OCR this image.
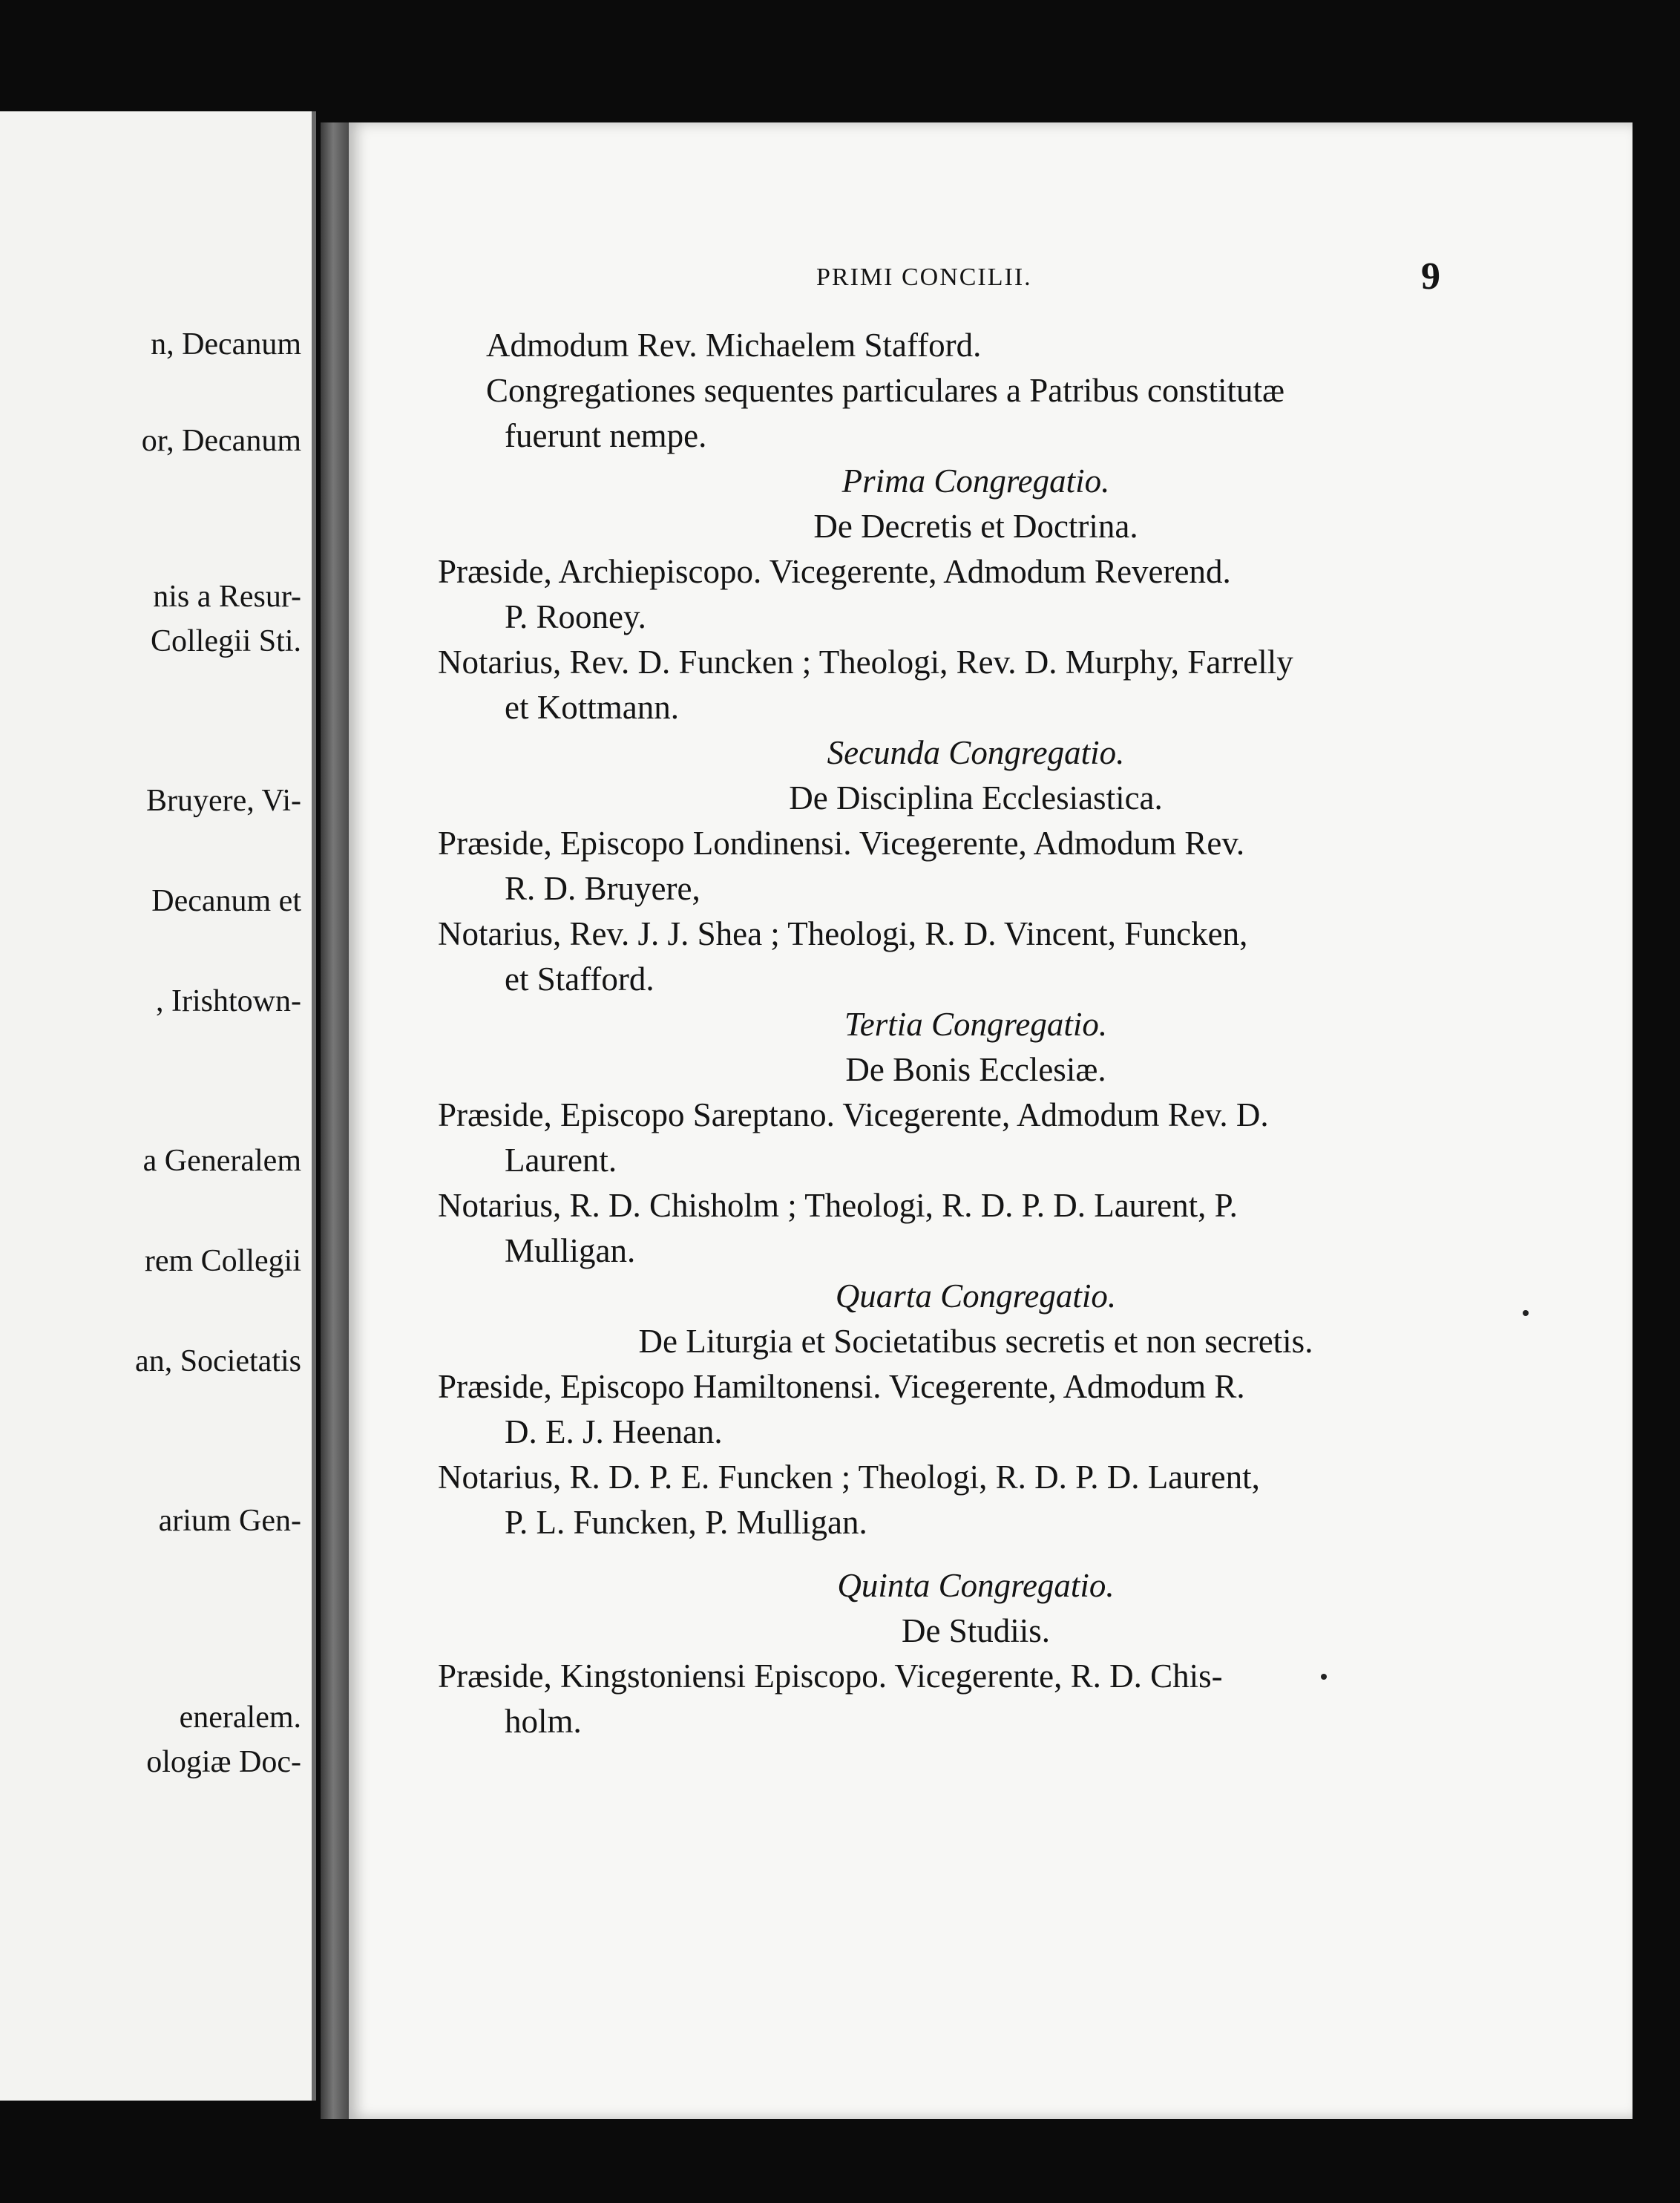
n, Decanum
or, Decanum
nis a Resur-
Collegii Sti.
Bruyere, Vi-
Decanum et
, Irishtown-
a Generalem
rem Collegii
an, Societatis
arium Gen-
eneralem.
ologiæ Doc-
PRIMI CONCILII.	9
Admodum Rev. Michaelem Stafford.
Congregationes sequentes particulares a Patribus constitutæ
fuerunt nempe.
Prima Congregatio.
De Decretis et Doctrina.
Præside, Archiepiscopo. Vicegerente, Admodum Reverend.
P. Rooney.
Notarius, Rev. D. Funcken ; Theologi, Rev. D. Murphy, Farrelly
et Kottmann.
Secunda Congregatio.
De Disciplina Ecclesiastica.
Præside, Episcopo Londinensi. Vicegerente, Admodum Rev.
R. D. Bruyere,
Notarius, Rev. J. J. Shea ; Theologi, R. D. Vincent, Funcken,
et Stafford.
Tertia Congregatio.
De Bonis Ecclesiæ.
Præside, Episcopo Sareptano. Vicegerente, Admodum Rev. D.
Laurent.
Notarius, R. D. Chisholm ; Theologi, R. D. P. D. Laurent, P.
Mulligan.
Quarta Congregatio.
De Liturgia et Societatibus secretis et non secretis.
Præside, Episcopo Hamiltonensi. Vicegerente, Admodum R.
D. E. J. Heenan.
Notarius, R. D. P. E. Funcken ; Theologi, R. D. P. D. Laurent,
P. L. Funcken, P. Mulligan.
Quinta Congregatio.
De Studiis.
Præside, Kingstoniensi Episcopo. Vicegerente, R. D. Chis-
holm.
